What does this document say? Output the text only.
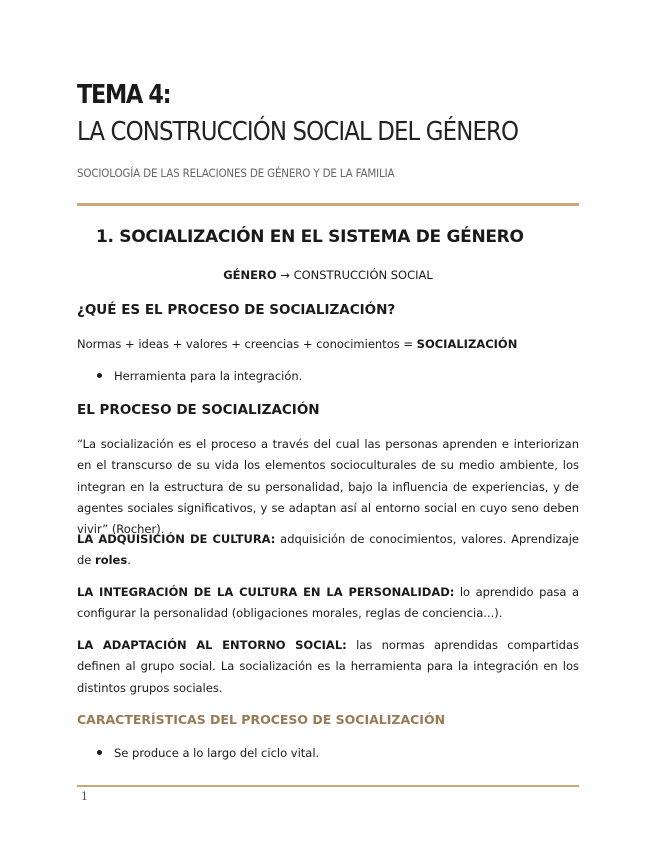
TEMA 4:
LA CONSTRUCCIÓN SOCIAL DEL GÉNERO
SOCIOLOGÍA DE LAS RELACIONES DE GÉNERO Y DE LA FAMILIA
1. SOCIALIZACIÓN EN EL SISTEMA DE GÉNERO
GÉNERO → CONSTRUCCIÓN SOCIAL
¿QUÉ ES EL PROCESO DE SOCIALIZACIÓN?
Normas + ideas + valores + creencias + conocimientos = SOCIALIZACIÓN
Herramienta para la integración.
EL PROCESO DE SOCIALIZACIÓN
“La socialización es el proceso a través del cual las personas aprenden e interiorizan en el transcurso de su vida los elementos socioculturales de su medio ambiente, los integran en la estructura de su personalidad, bajo la influencia de experiencias, y de agentes sociales significativos, y se adaptan así al entorno social en cuyo seno deben vivir” (Rocher).
LA ADQUISICIÓN DE CULTURA: adquisición de conocimientos, valores. Aprendizaje de roles.
LA INTEGRACIÓN DE LA CULTURA EN LA PERSONALIDAD: lo aprendido pasa a configurar la personalidad (obligaciones morales, reglas de conciencia...).
LA ADAPTACIÓN AL ENTORNO SOCIAL: las normas aprendidas compartidas definen al grupo social. La socialización es la herramienta para la integración en los distintos grupos sociales.
CARACTERÍSTICAS DEL PROCESO DE SOCIALIZACIÓN
Se produce a lo largo del ciclo vital.
1
